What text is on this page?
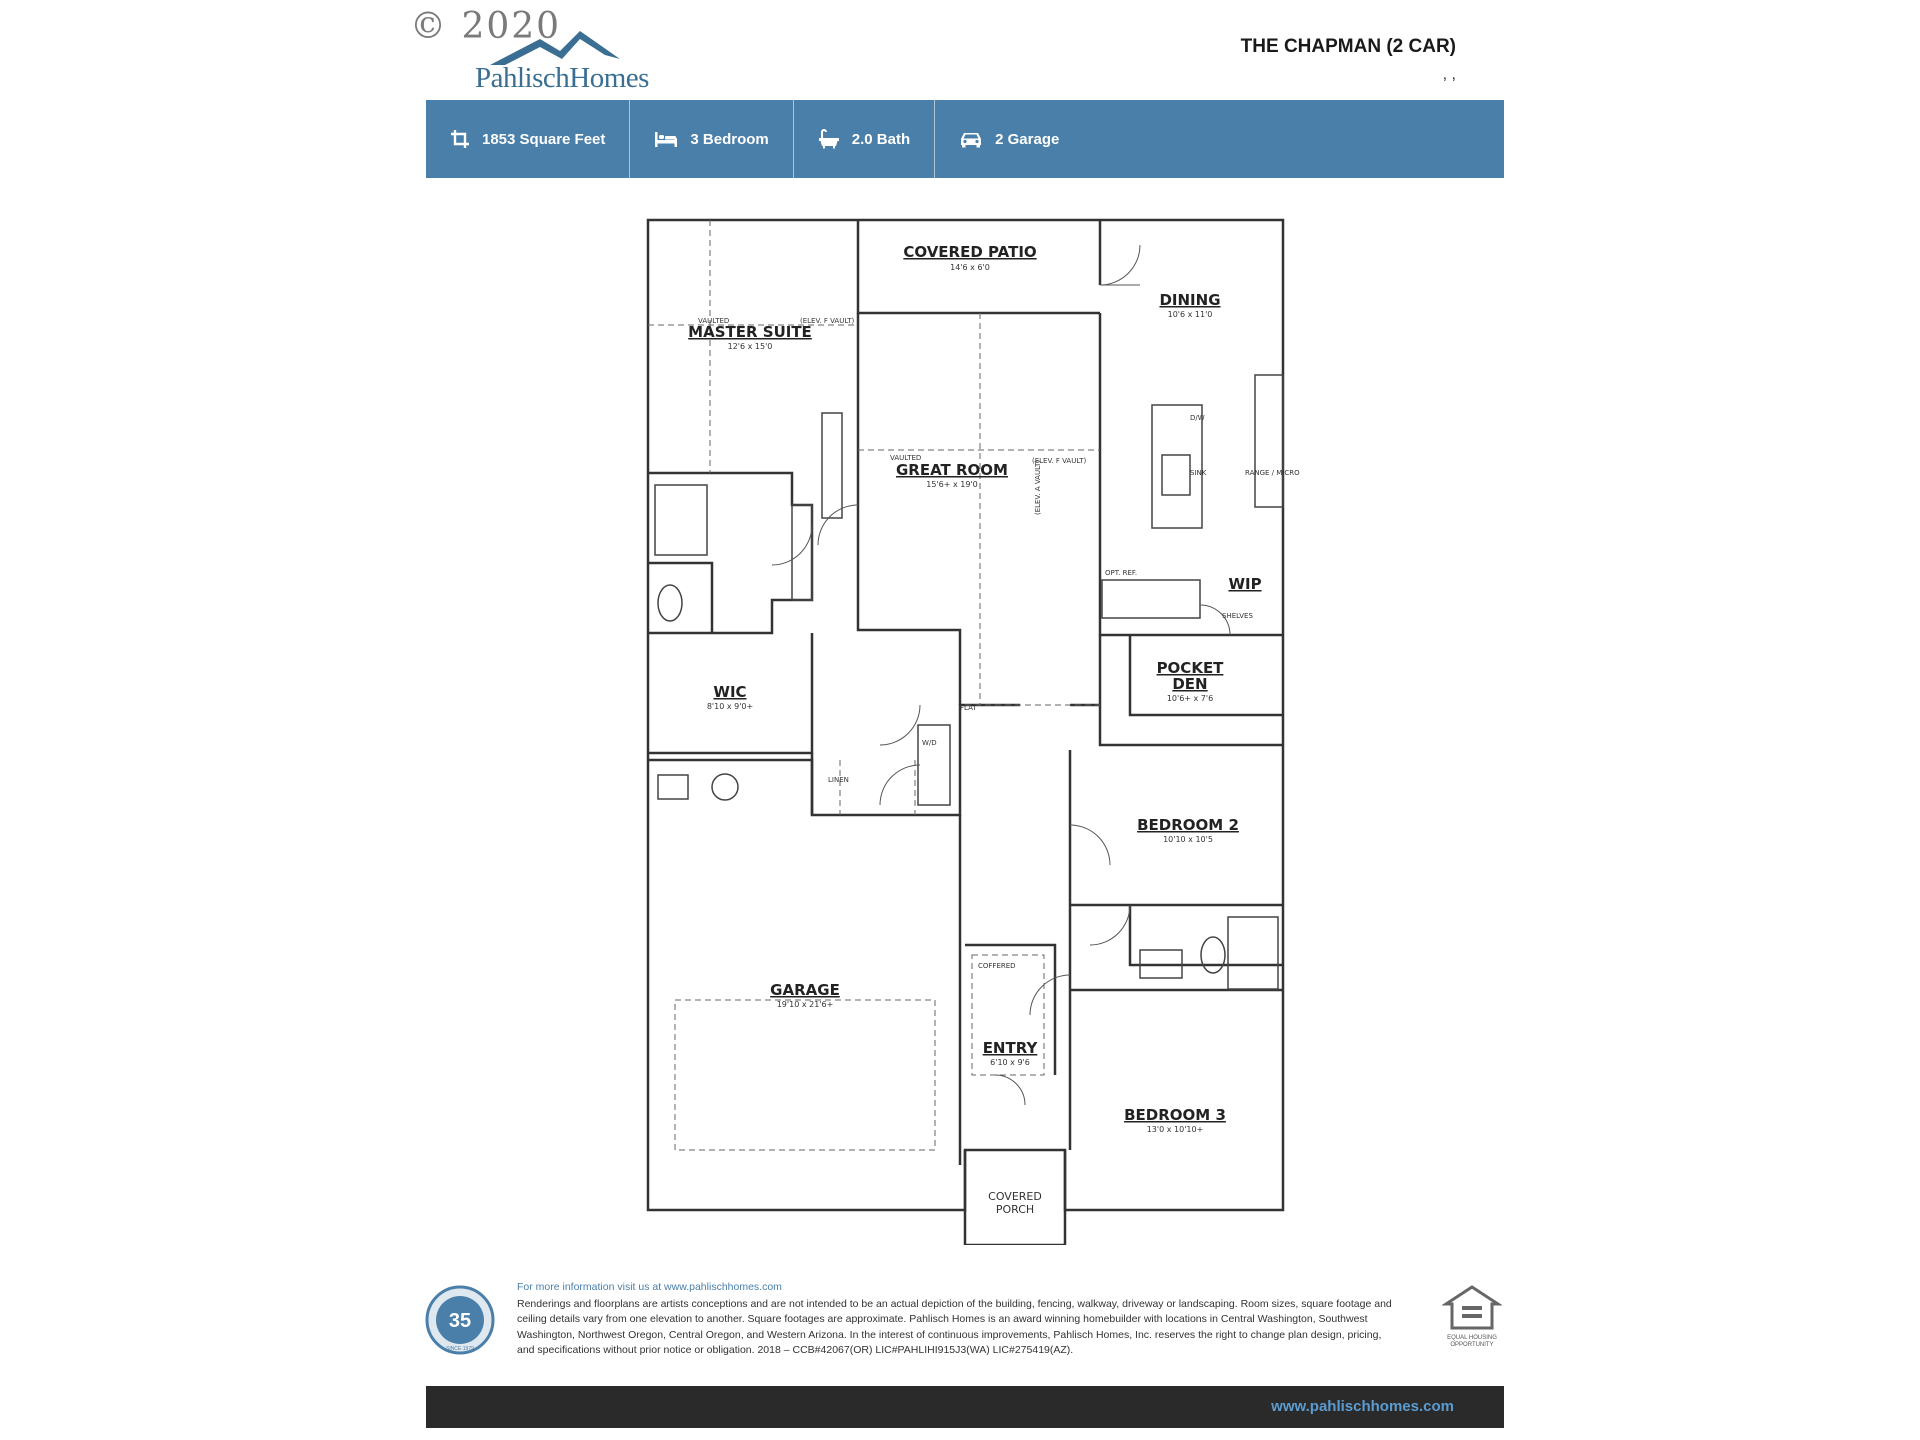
© 2020
PahlischHomes
THE CHAPMAN (2 CAR)
, ,
1853 Square Feet	3 Bedroom	2.0 Bath	2 Garage
COVERED PATIO
14'6 x 6'0
DINING
10'6 x 11'0
VAULTED
MASTER SUITE
12'6 x 15'0
VAULTED
GREAT ROOM
15'6+ x 19'0
(ELEV. F VAULT)
(ELEV. F VAULT)
(ELEV. A VAULT)
FLAT
LINEN
OPT. REF.
SINK
D/W
RANGE / MICRO
W/D
WIC
8'10 x 9'0+
POCKET
DEN
10'6+ x 7'6
BEDROOM 2
10'10 x 10'5
GARAGE
19'10 x 21'6+
COFFERED
ENTRY
6'10 x 9'6
BEDROOM 3
13'0 x 10'10+
WIP
SHELVES
COVERED
PORCH
35
SINCE 1979
For more information visit us at www.pahlischhomes.com
Renderings and floorplans are artists conceptions and are not intended to be an actual depiction of the building, fencing, walkway, driveway or landscaping. Room sizes, square footage and ceiling details vary from one elevation to another. Square footages are approximate. Pahlisch Homes is an award winning homebuilder with locations in Central Washington, Southwest Washington, Northwest Oregon, Central Oregon, and Western Arizona. In the interest of continuous improvements, Pahlisch Homes, Inc. reserves the right to change plan design, pricing, and specifications without prior notice or obligation. 2018 – CCB#42067(OR) LIC#PAHLIHI915J3(WA) LIC#275419(AZ).
EQUAL HOUSING OPPORTUNITY
www.pahlischhomes.com
